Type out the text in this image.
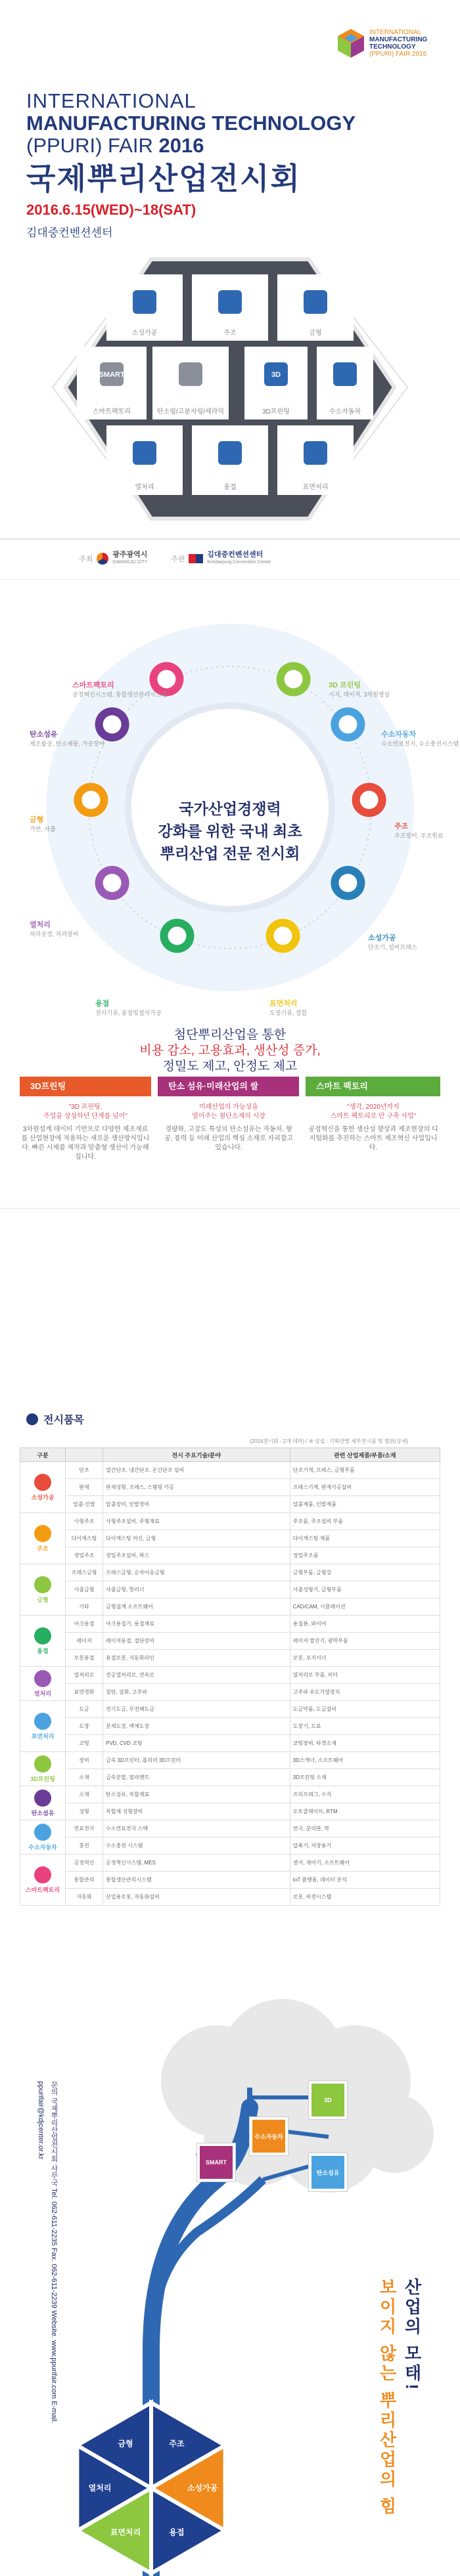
INTERNATIONAL
MANUFACTURING
TECHNOLOGY
(PPURI) FAIR 2016
INTERNATIONAL
MANUFACTURING TECHNOLOGY
(PPURI) FAIR 2016
국제뿌리산업전시회
2016.6.15(WED)~18(SAT)
김대중컨벤션센터
소성가공	주조	금형
SMART
스마트팩토리	탄소링/고분자링/세라믹
3D
3D프린팅	수소자동차
열처리	용접	표면처리
주최
광주광역시
GWANGJU CITY	주관
김대중컨벤션센터
Kimdaejung Convention Center
국가산업경쟁력
강화를 위한 국내 최초
뿌리산업 전문 전시회
스마트팩토리
공정혁신시스템, 통합생산관리시스템
3D 프린팅
시지, 레이저, 3차원영상
탄소섬유
제조룸공, 탄소제품, 가공장비
수소자동차
수소연료전지, 수소충전시스템
금형
기반, 사출	주조
주조장비, 주조원료
열처리
처리공정, 처리장비	소성가공
단조기, 설비프레스
용접
전자기류, 용접및절삭가공
표면처리
도장기류, 결합
첨단뿌리산업을 통한
비용 감소, 고용효과, 생산성 증가,
정밀도 제고, 안정도 제고
3D프린팅	탄소 섬유·미래산업의 쌀	스마트 팩토리
"3D 프린팅,
주얼을 상상하던 단계를 넘어"
3차원설계 데이터 기반으로 다양한 제조재료를 산업현장에 적용하는 새로운 생산방식입니다. 빠른 시제품 제작과 맞춤형 생산이 가능해집니다.
미래산업의 가능성을
열어주는 첨단소재의 시장
경량화, 고강도 특성의 탄소섬유는 자동차, 항공, 풍력 등 미래 산업의 핵심 소재로 자리잡고 있습니다.
"생각, 2020년까지
스마트 팩토리로 만 구축 사업"
공정혁신을 통한 생산성 향상과 제조현장의 디지털화를 추진하는 스마트 제조혁신 사업입니다.
전시품목
(2016전시회 - 2개 테마) / ※ 상설 : 기획관별 세부전시품 및 범위(상세)
구분		전시 주요기술/분야	관련 산업제품/부품/소재

소성가공	단조	열간단조, 냉간단조, 온간단조 설비	단조기계, 프레스, 금형부품
	판재	판재성형, 프레스, 스탬핑 가공	프레스기계, 판재가공설비
	압출·인발	압출장비, 인발장비	압출제품, 인발제품

주조	사형주조	사형주조설비, 주형재료	주조품, 주조설비 부품
	다이캐스팅	다이캐스팅 머신, 금형	다이캐스팅 제품
	정밀주조	정밀주조설비, 왁스	정밀주조품

금형	프레스금형	프레스금형, 순차이송금형	금형부품, 금형강
	사출금형	사출금형, 핫러너	사출성형기, 금형부품
	기타	금형설계 소프트웨어	CAD/CAM, 시뮬레이션

용접	아크용접	아크용접기, 용접재료	용접봉, 와이어
	레이저	레이저용접, 절단장비	레이저 발진기, 광학부품
	로봇용접	용접로봇, 자동화라인	로봇, 포지셔너

열처리	열처리로	진공열처리로, 연속로	열처리로 부품, 히터
	표면경화	침탄, 질화, 고주파	고주파 유도가열장치

표면처리	도금	전기도금, 무전해도금	도금약품, 도금설비
	도장	분체도장, 액체도장	도장기, 도료
	코팅	PVD, CVD 코팅	코팅장비, 타겟소재

3D프린팅	장비	금속 3D프린터, 폴리머 3D프린터	3D스캐너, 소프트웨어
	소재	금속분말, 필라멘트	3D프린팅 소재

탄소섬유	소재	탄소섬유, 복합재료	프리프레그, 수지
	성형	복합재 성형장비	오토클레이브, RTM

수소자동차	연료전지	수소연료전지 스택	전극, 분리판, 막
	충전	수소충전 시스템	압축기, 저장용기

스마트팩토리	공정혁신	공정혁신시스템, MES	센서, 제어기, 소프트웨어
	통합관리	통합생산관리시스템	IoT 플랫폼, 데이터 분석
	자동화	산업용로봇, 자동화설비	로봇, 비전시스템
주조
소성가공
용접
표면처리
열처리
금형
3D
SMART
탄소섬유
수소자동차
문의 국제뿌리산업전시회 사무국 Tel. 062-611-2235 Fax. 062-611-2239 Website. www.ppurifair.com E-mail. ppurifair@kdjcenter.or.kr
산업의 모태!
보이지 않는 뿌리산업의 힘
